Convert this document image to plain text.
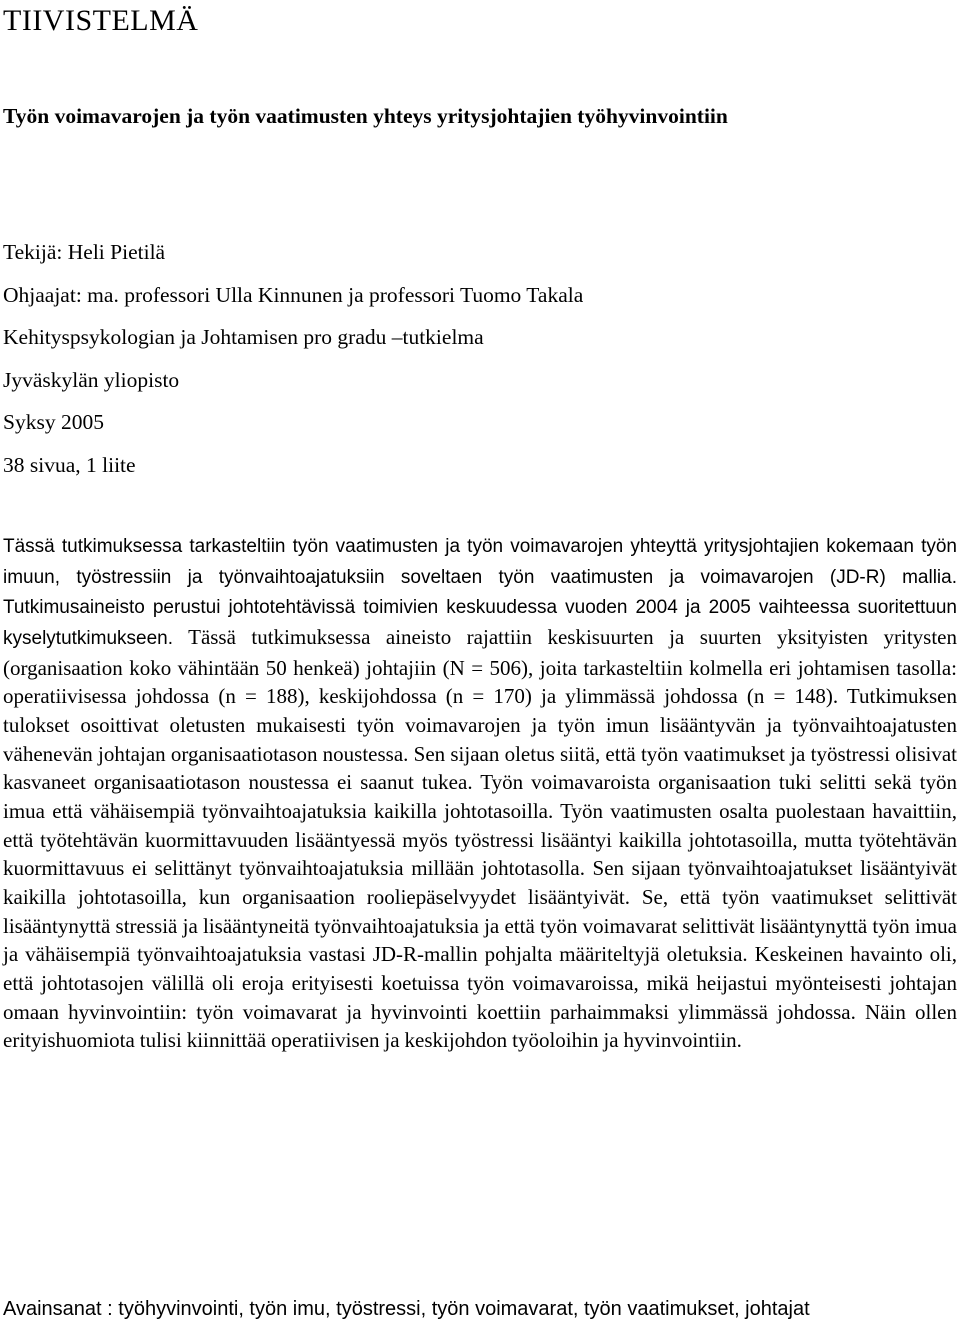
TIIVISTELMÄ

Työn voimavarojen ja työn vaatimusten yhteys yritysjohtajien työhyvinvointiin

Tekijä: Heli Pietilä
Ohjaajat: ma. professori Ulla Kinnunen ja professori Tuomo Takala
Kehityspsykologian ja Johtamisen pro gradu –tutkielma
Jyväskylän yliopisto
Syksy 2005
38 sivua, 1 liite

Tässä tutkimuksessa tarkasteltiin työn vaatimusten ja työn voimavarojen yhteyttä yritysjohtajien kokemaan työn imuun, työstressiin ja työnvaihtoajatuksiin soveltaen työn vaatimusten ja voimavarojen (JD-R) mallia. Tutkimusaineisto perustui johtotehtävissä toimivien keskuudessa vuoden 2004 ja 2005 vaihteessa suoritettuun kyselytutkimukseen. Tässä tutkimuksessa aineisto rajattiin keskisuurten ja suurten yksityisten yritysten (organisaation koko vähintään 50 henkeä) johtajiin (N = 506), joita tarkasteltiin kolmella eri johtamisen tasolla: operatiivisessa johdossa (n = 188), keskijohdossa (n = 170) ja ylimmässä johdossa (n = 148). Tutkimuksen tulokset osoittivat oletusten mukaisesti työn voimavarojen ja työn imun lisääntyvän ja työnvaihtoajatusten vähenevän johtajan organisaatiotason noustessa. Sen sijaan oletus siitä, että työn vaatimukset ja työstressi olisivat kasvaneet organisaatiotason noustessa ei saanut tukea. Työn voimavaroista organisaation tuki selitti sekä työn imua että vähäisempiä työnvaihtoajatuksia kaikilla johtotasoilla. Työn vaatimusten osalta puolestaan havaittiin, että työtehtävän kuormittavuuden lisääntyessä myös työstressi lisääntyi kaikilla johtotasoilla, mutta työtehtävän kuormittavuus ei selittänyt työnvaihtoajatuksia millään johtotasolla. Sen sijaan työnvaihtoajatukset lisääntyivät kaikilla johtotasoilla, kun organisaation rooliepäselvyydet lisääntyivät. Se, että työn vaatimukset selittivät lisääntynyttä stressiä ja lisääntyneitä työnvaihtoajatuksia ja että työn voimavarat selittivät lisääntynyttä työn imua ja vähäisempiä työnvaihtoajatuksia vastasi JD-R-mallin pohjalta määriteltyjä oletuksia. Keskeinen havainto oli, että johtotasojen välillä oli eroja erityisesti koetuissa työn voimavaroissa, mikä heijastui myönteisesti johtajan omaan hyvinvointiin: työn voimavarat ja hyvinvointi koettiin parhaimmaksi ylimmässä johdossa. Näin ollen erityishuomiota tulisi kiinnittää operatiivisen ja keskijohdon työoloihin ja hyvinvointiin.

Avainsanat : työhyvinvointi, työn imu, työstressi, työn voimavarat, työn vaatimukset, johtajat
